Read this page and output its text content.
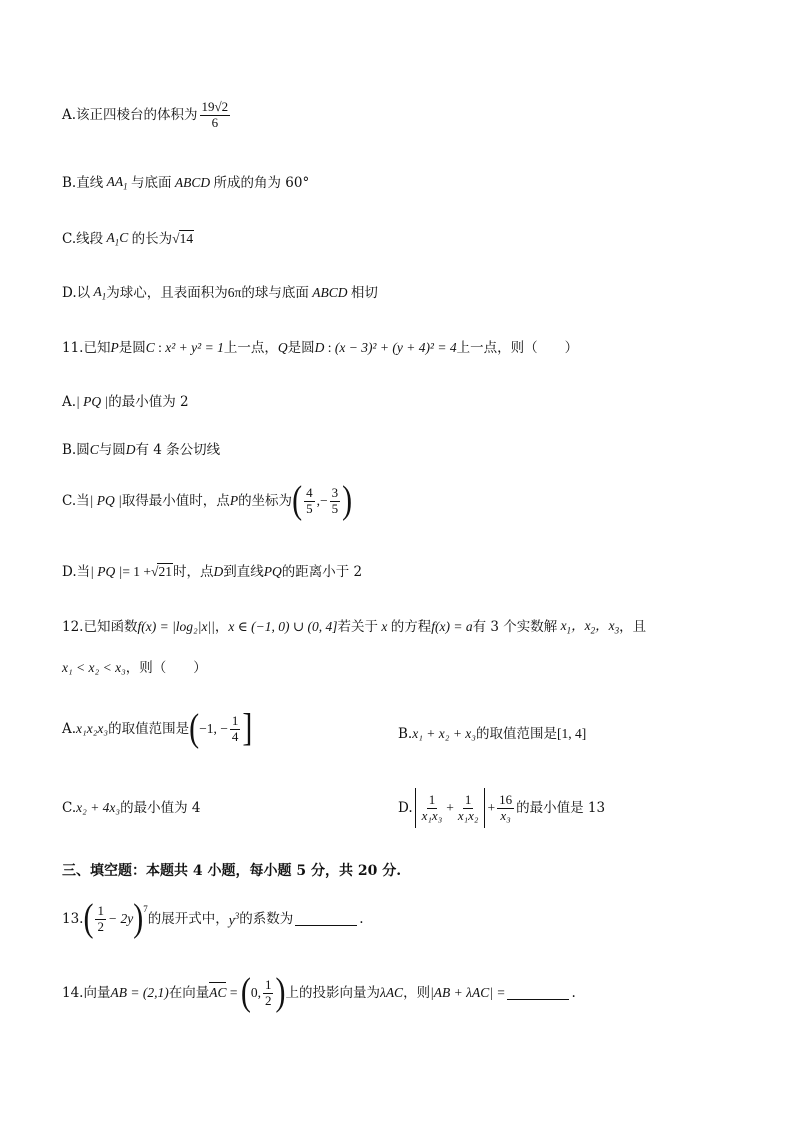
A.该正四棱台的体积为 $\frac{19√2}{6}$
B.直线 $AA_1$ 与底面 ABCD 所成的角为 60°
C.线段 $A_1C$ 的长为 √14
D.以 $A_1$ 为球心，且表面积为 6π 的球与底面 ABCD 相切
11.已知 P 是圆 C : x² + y² = 1 上一点， Q 是圆 D : (x − 3)² + (y + 4)² = 4 上一点，则（　　）
A. | PQ | 的最小值为 2
B.圆 C 与圆 D 有 4 条公切线
C.当 | PQ | 取得最小值时，点 P 的坐标为 ( $\frac{4}{5}$ ,− $\frac{3}{5}$ )
D.当 | PQ | = 1 + √21 时，点 D 到直线 PQ 的距离小于 2
12.已知函数 f(x) = |log₂|x|| ， x ∈ (−1, 0) ∪ (0, 4] 若关于 x 的方程 f(x) = a 有 3 个实数解 $x_1$，$x_2$，$x_3$ ，且
x₁ < x₂ < x₃ ，则（　　）
A. x₁x₂x₃ 的取值范围是 ( −1, − $\frac{1}{4}$ ]	B. x₁ + x₂ + x₃ 的取值范围是 [1, 4]
C. x₂ + 4x₃ 的最小值为 4	D. $\frac{1}{\text{x₁x₃}} + \frac{1}{\text{x₁x₂}} + \frac{16}{\text{x₃}}$ 的最小值是 13
三、填空题：本题共 4 小题，每小题 5 分，共 20 分.
13. ( $\frac{1}{2} - 2y$ )$^7$
的展开式中， $y^3$ 的系数为	.
14.向量 AB = (2,1) 在向量 AC = ( 0, $\frac{1}{2}$ ) 上的投影向量为 λAC ，则 |AB + λAC| =	.
